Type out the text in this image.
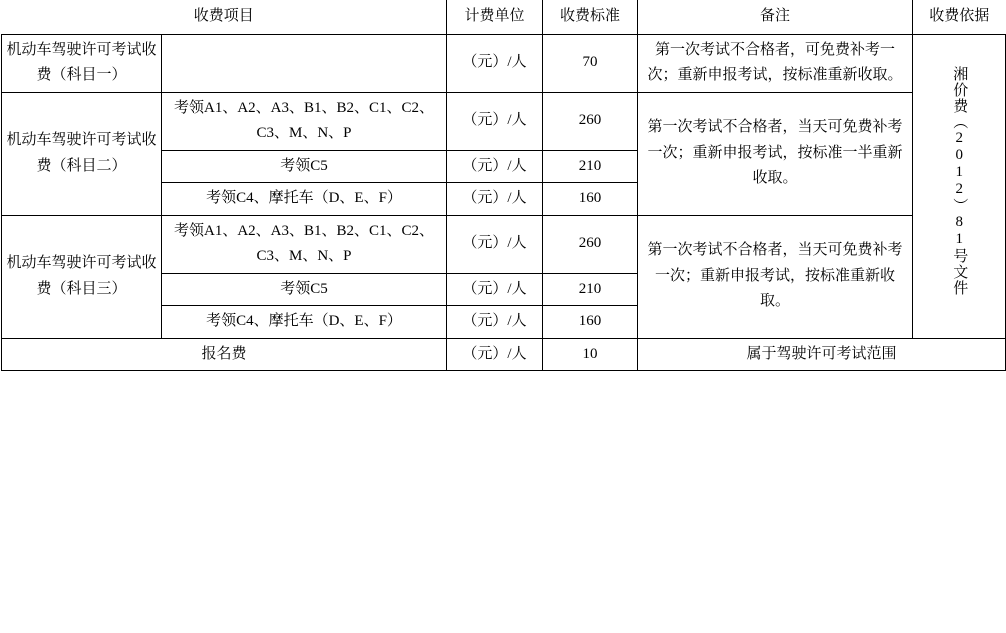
收费项目		计费单位	收费标准	备注	收费依据
机动车驾驶许可考试收费（科目一）		（元）/人	70	第一次考试不合格者，可免费补考一次；重新申报考试，按标准重新收取。	湘价费（2012）81号文件
机动车驾驶许可考试收费（科目二）	考领A1、A2、A3、B1、B2、C1、C2、C3、M、N、P	（元）/人	260	第一次考试不合格者，当天可免费补考一次；重新申报考试，按标准一半重新收取。	
	考领C5	（元）/人	210		
	考领C4、摩托车（D、E、F）	（元）/人	160		
机动车驾驶许可考试收费（科目三）	考领A1、A2、A3、B1、B2、C1、C2、C3、M、N、P	（元）/人	260	第一次考试不合格者，当天可免费补考一次；重新申报考试，按标准重新收取。	
	考领C5	（元）/人	210		
	考领C4、摩托车（D、E、F）	（元）/人	160		
报名费		（元）/人	10	属于驾驶许可考试范围	
